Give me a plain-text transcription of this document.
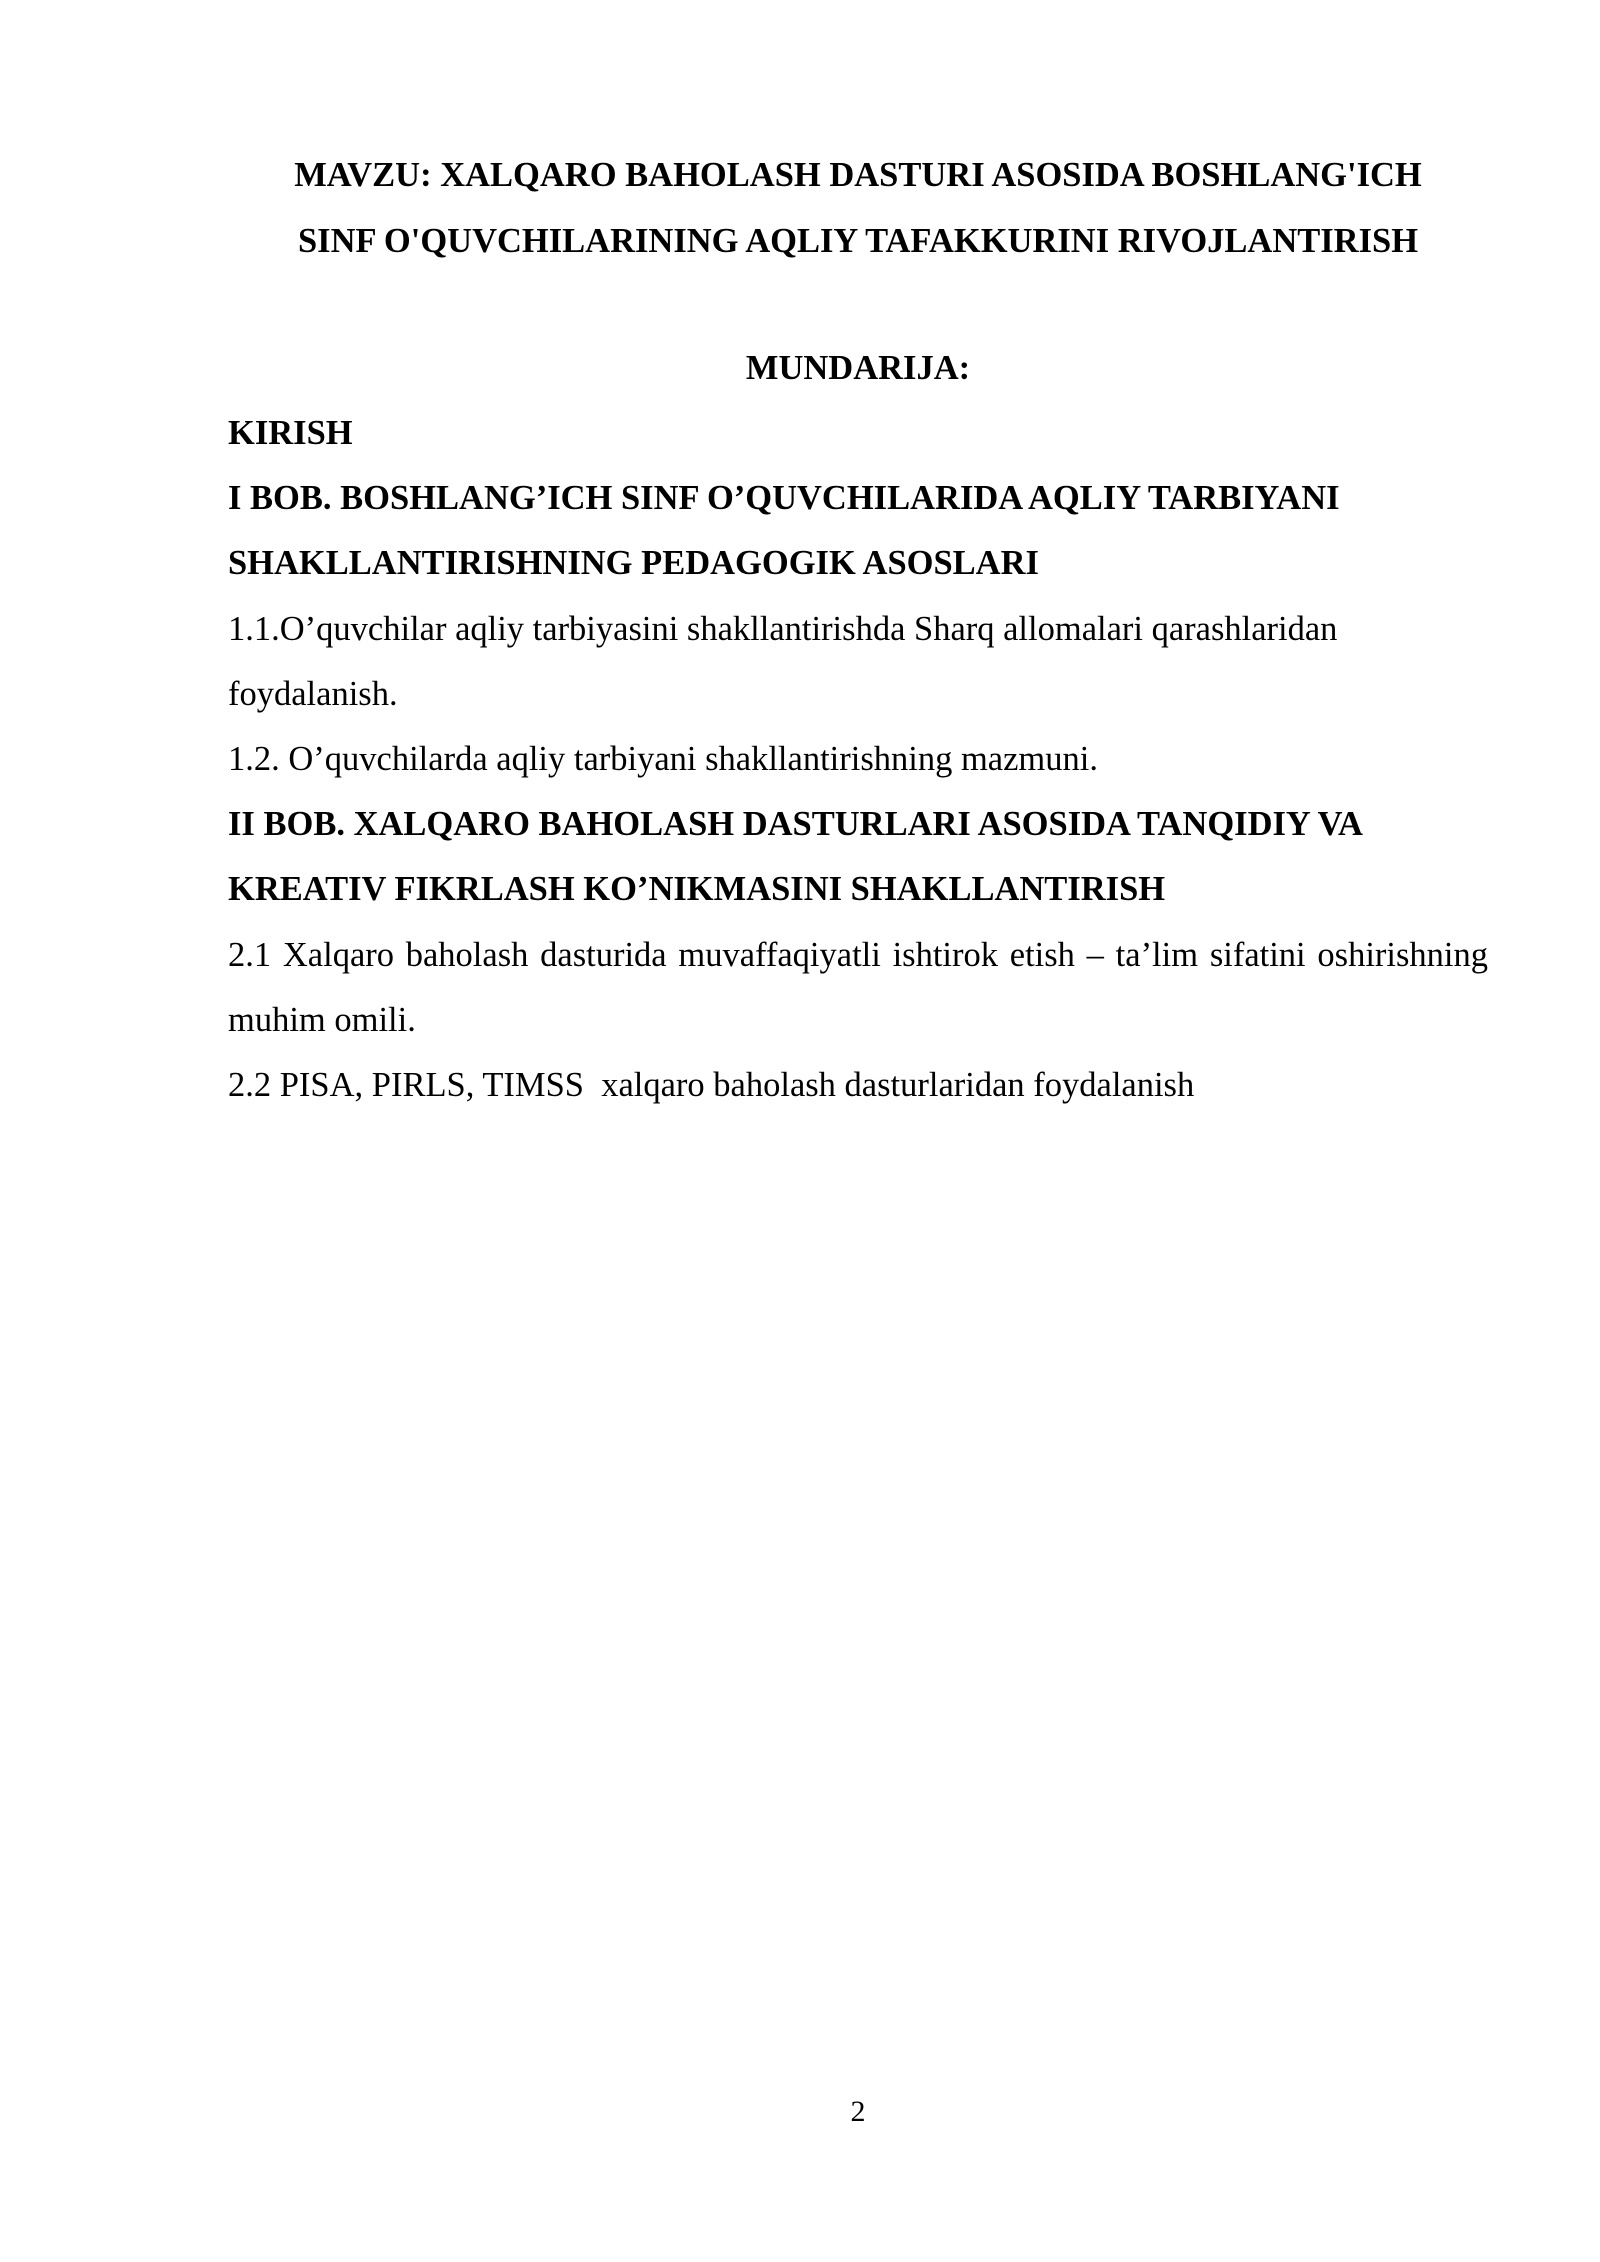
MAVZU: XALQARO BAHOLASH DASTURI ASOSIDA BOSHLANG'ICH
SINF O'QUVCHILARINING AQLIY TAFAKKURINI RIVOJLANTIRISH
MUNDARIJA:

KIRISH

I BOB. BOSHLANG’ICH SINF O’QUVCHILARIDA AQLIY TARBIYANI SHAKLLANTIRISHNING PEDAGOGIK ASOSLARI

1.1.O’quvchilar aqliy tarbiyasini shakllantirishda Sharq allomalari qarashlaridan foydalanish.

1.2. O’quvchilarda aqliy tarbiyani shakllantirishning mazmuni.

II BOB. XALQARO BAHOLASH DASTURLARI ASOSIDA TANQIDIY VA KREATIV FIKRLASH KO’NIKMASINI SHAKLLANTIRISH

2.1 Xalqaro baholash dasturida muvaffaqiyatli ishtirok etish – ta’lim sifatini oshirishning muhim omili.

2.2 PISA, PIRLS, TIMSS  xalqaro baholash dasturlaridan foydalanish

2
